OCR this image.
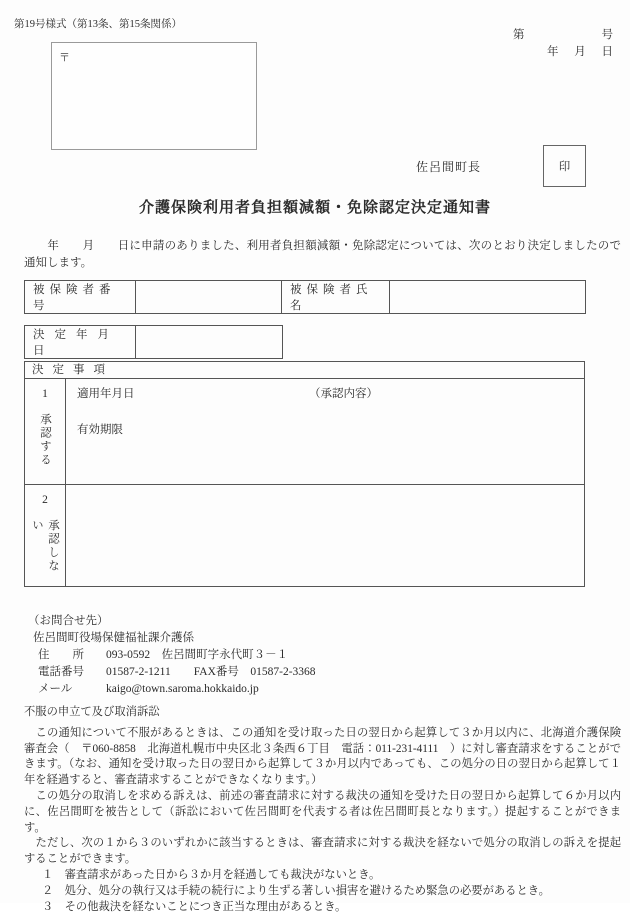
第19号様式（第13条、第15条関係）
〒
第	号
年 月 日
佐呂間町長	印
介護保険利用者負担額減額・免除認定決定通知書

　　年　　月　　日に申請のありました、利用者負担額減額・免除認定については、次のとおり決定しましたので通知します。

被保険者番号		被保険者氏名	
決定年月日	
決定事項
1
承認する
適用年月日	（承認内容）
有効期限
2
承認しない
（お問合せ先）
佐呂間町役場保健福祉課介護係
住　　所	093-0592　佐呂間町字永代町３－１
電話番号	01587-2-1211　　FAX番号　01587-2-3368
メール	kaigo@town.saroma.hokkaido.jp
不服の申立て及び取消訴訟

　この通知について不服があるときは、この通知を受け取った日の翌日から起算して３か月以内に、北海道介護保険審査会（　〒060-8858　北海道札幌市中央区北３条西６丁目　電話：011-231-4111　）に対し審査請求をすることができます。（なお、通知を受け取った日の翌日から起算して３か月以内であっても、この処分の日の翌日から起算して１年を経過すると、審査請求することができなくなります。）

　この処分の取消しを求める訴えは、前述の審査請求に対する裁決の通知を受けた日の翌日から起算して６か月以内に、佐呂間町を被告として（訴訟において佐呂間町を代表する者は佐呂間町長となります。）提起することができます。

　ただし、次の１から３のいずれかに該当するときは、審査請求に対する裁決を経ないで処分の取消しの訴えを提起することができます。

１　審査請求があった日から３か月を経過しても裁決がないとき。
２　処分、処分の執行又は手続の続行により生ずる著しい損害を避けるため緊急の必要があるとき。
３　その他裁決を経ないことにつき正当な理由があるとき。
